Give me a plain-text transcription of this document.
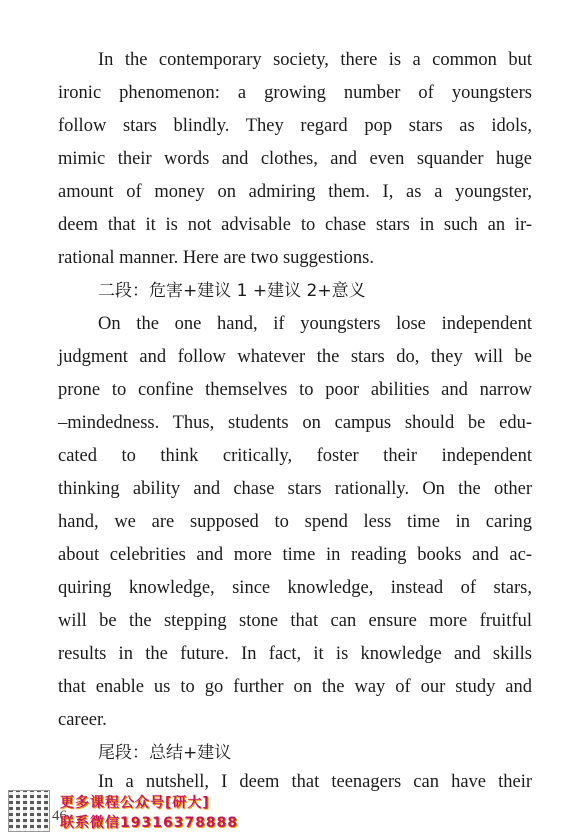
In the contemporary society, there is a common but
ironic phenomenon: a growing number of youngsters
follow stars blindly. They regard pop stars as idols,
mimic their words and clothes, and even squander huge
amount of money on admiring them. I, as a youngster,
deem that it is not advisable to chase stars in such an ir-
rational manner. Here are two suggestions.
二段：危害+建议 1 +建议 2+意义
On the one hand, if youngsters lose independent
judgment and follow whatever the stars do, they will be
prone to confine themselves to poor abilities and narrow
–mindedness. Thus, students on campus should be edu-
cated to think critically, foster their independent
thinking ability and chase stars rationally. On the other
hand, we are supposed to spend less time in caring
about celebrities and more time in reading books and ac-
quiring knowledge, since knowledge, instead of stars,
will be the stepping stone that can ensure more fruitful
results in the future. In fact, it is knowledge and skills
that enable us to go further on the way of our study and
career.
尾段：总结+建议
In a nutshell, I deem that teenagers can have their
46
更多课程公众号[研大]
联系微信19316378888
